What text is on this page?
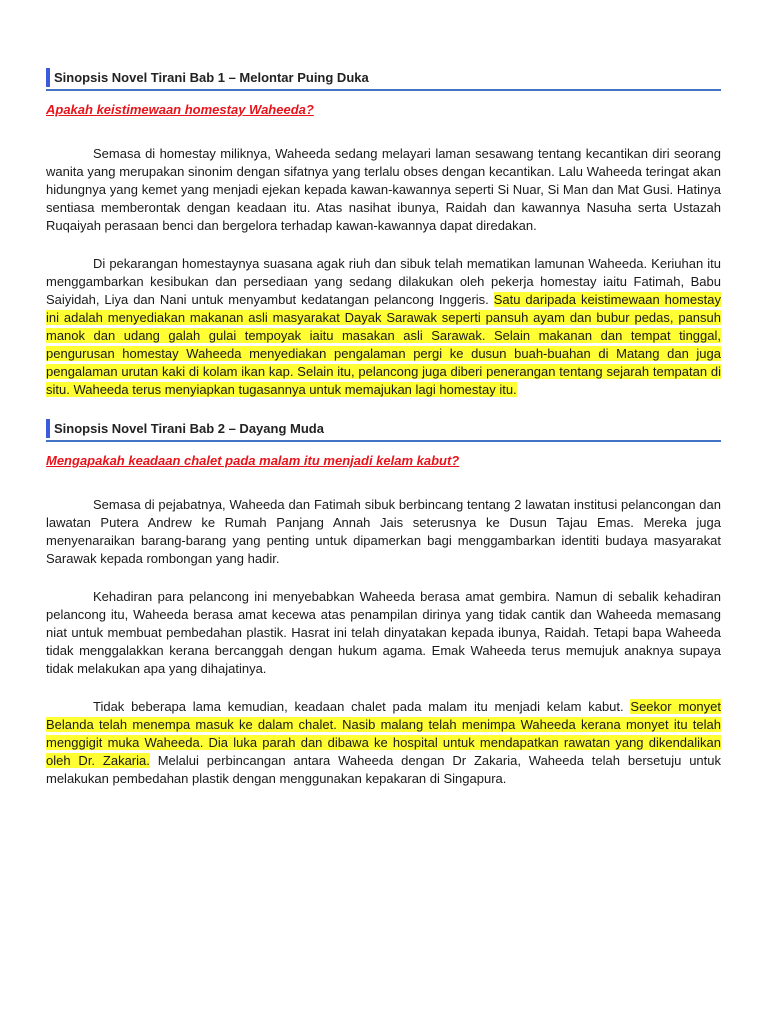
Sinopsis Novel Tirani Bab 1 – Melontar Puing Duka
Apakah keistimewaan homestay Waheeda?

Semasa di homestay miliknya, Waheeda sedang melayari laman sesawang tentang kecantikan diri seorang wanita yang merupakan sinonim dengan sifatnya yang terlalu obses dengan kecantikan. Lalu Waheeda teringat akan hidungnya yang kemet yang menjadi ejekan kepada kawan-kawannya seperti Si Nuar, Si Man dan Mat Gusi. Hatinya sentiasa memberontak dengan keadaan itu. Atas nasihat ibunya, Raidah dan kawannya Nasuha serta Ustazah Ruqaiyah perasaan benci dan bergelora terhadap kawan-kawannya dapat diredakan.

Di pekarangan homestaynya suasana agak riuh dan sibuk telah mematikan lamunan Waheeda. Keriuhan itu menggambarkan kesibukan dan persediaan yang sedang dilakukan oleh pekerja homestay iaitu Fatimah, Babu Saiyidah, Liya dan Nani untuk menyambut kedatangan pelancong Inggeris. Satu daripada keistimewaan homestay ini adalah menyediakan makanan asli masyarakat Dayak Sarawak seperti pansuh ayam dan bubur pedas, pansuh manok dan udang galah gulai tempoyak iaitu masakan asli Sarawak. Selain makanan dan tempat tinggal, pengurusan homestay Waheeda menyediakan pengalaman pergi ke dusun buah-buahan di Matang dan juga pengalaman urutan kaki di kolam ikan kap. Selain itu, pelancong juga diberi penerangan tentang sejarah tempatan di situ. Waheeda terus menyiapkan tugasannya untuk memajukan lagi homestay itu.

Sinopsis Novel Tirani Bab 2 – Dayang Muda
Mengapakah keadaan chalet pada malam itu menjadi kelam kabut?

Semasa di pejabatnya, Waheeda dan Fatimah sibuk berbincang tentang 2 lawatan institusi pelancongan dan lawatan Putera Andrew ke Rumah Panjang Annah Jais seterusnya ke Dusun Tajau Emas. Mereka juga menyenaraikan barang-barang yang penting untuk dipamerkan bagi menggambarkan identiti budaya masyarakat Sarawak kepada rombongan yang hadir.

Kehadiran para pelancong ini menyebabkan Waheeda berasa amat gembira. Namun di sebalik kehadiran pelancong itu, Waheeda berasa amat kecewa atas penampilan dirinya yang tidak cantik dan Waheeda memasang niat untuk membuat pembedahan plastik. Hasrat ini telah dinyatakan kepada ibunya, Raidah. Tetapi bapa Waheeda tidak menggalakkan kerana bercanggah dengan hukum agama. Emak Waheeda terus memujuk anaknya supaya tidak melakukan apa yang dihajatinya.

Tidak beberapa lama kemudian, keadaan chalet pada malam itu menjadi kelam kabut. Seekor monyet Belanda telah menempa masuk ke dalam chalet. Nasib malang telah menimpa Waheeda kerana monyet itu telah menggigit muka Waheeda. Dia luka parah dan dibawa ke hospital untuk mendapatkan rawatan yang dikendalikan oleh Dr. Zakaria. Melalui perbincangan antara Waheeda dengan Dr Zakaria, Waheeda telah bersetuju untuk melakukan pembedahan plastik dengan menggunakan kepakaran di Singapura.
